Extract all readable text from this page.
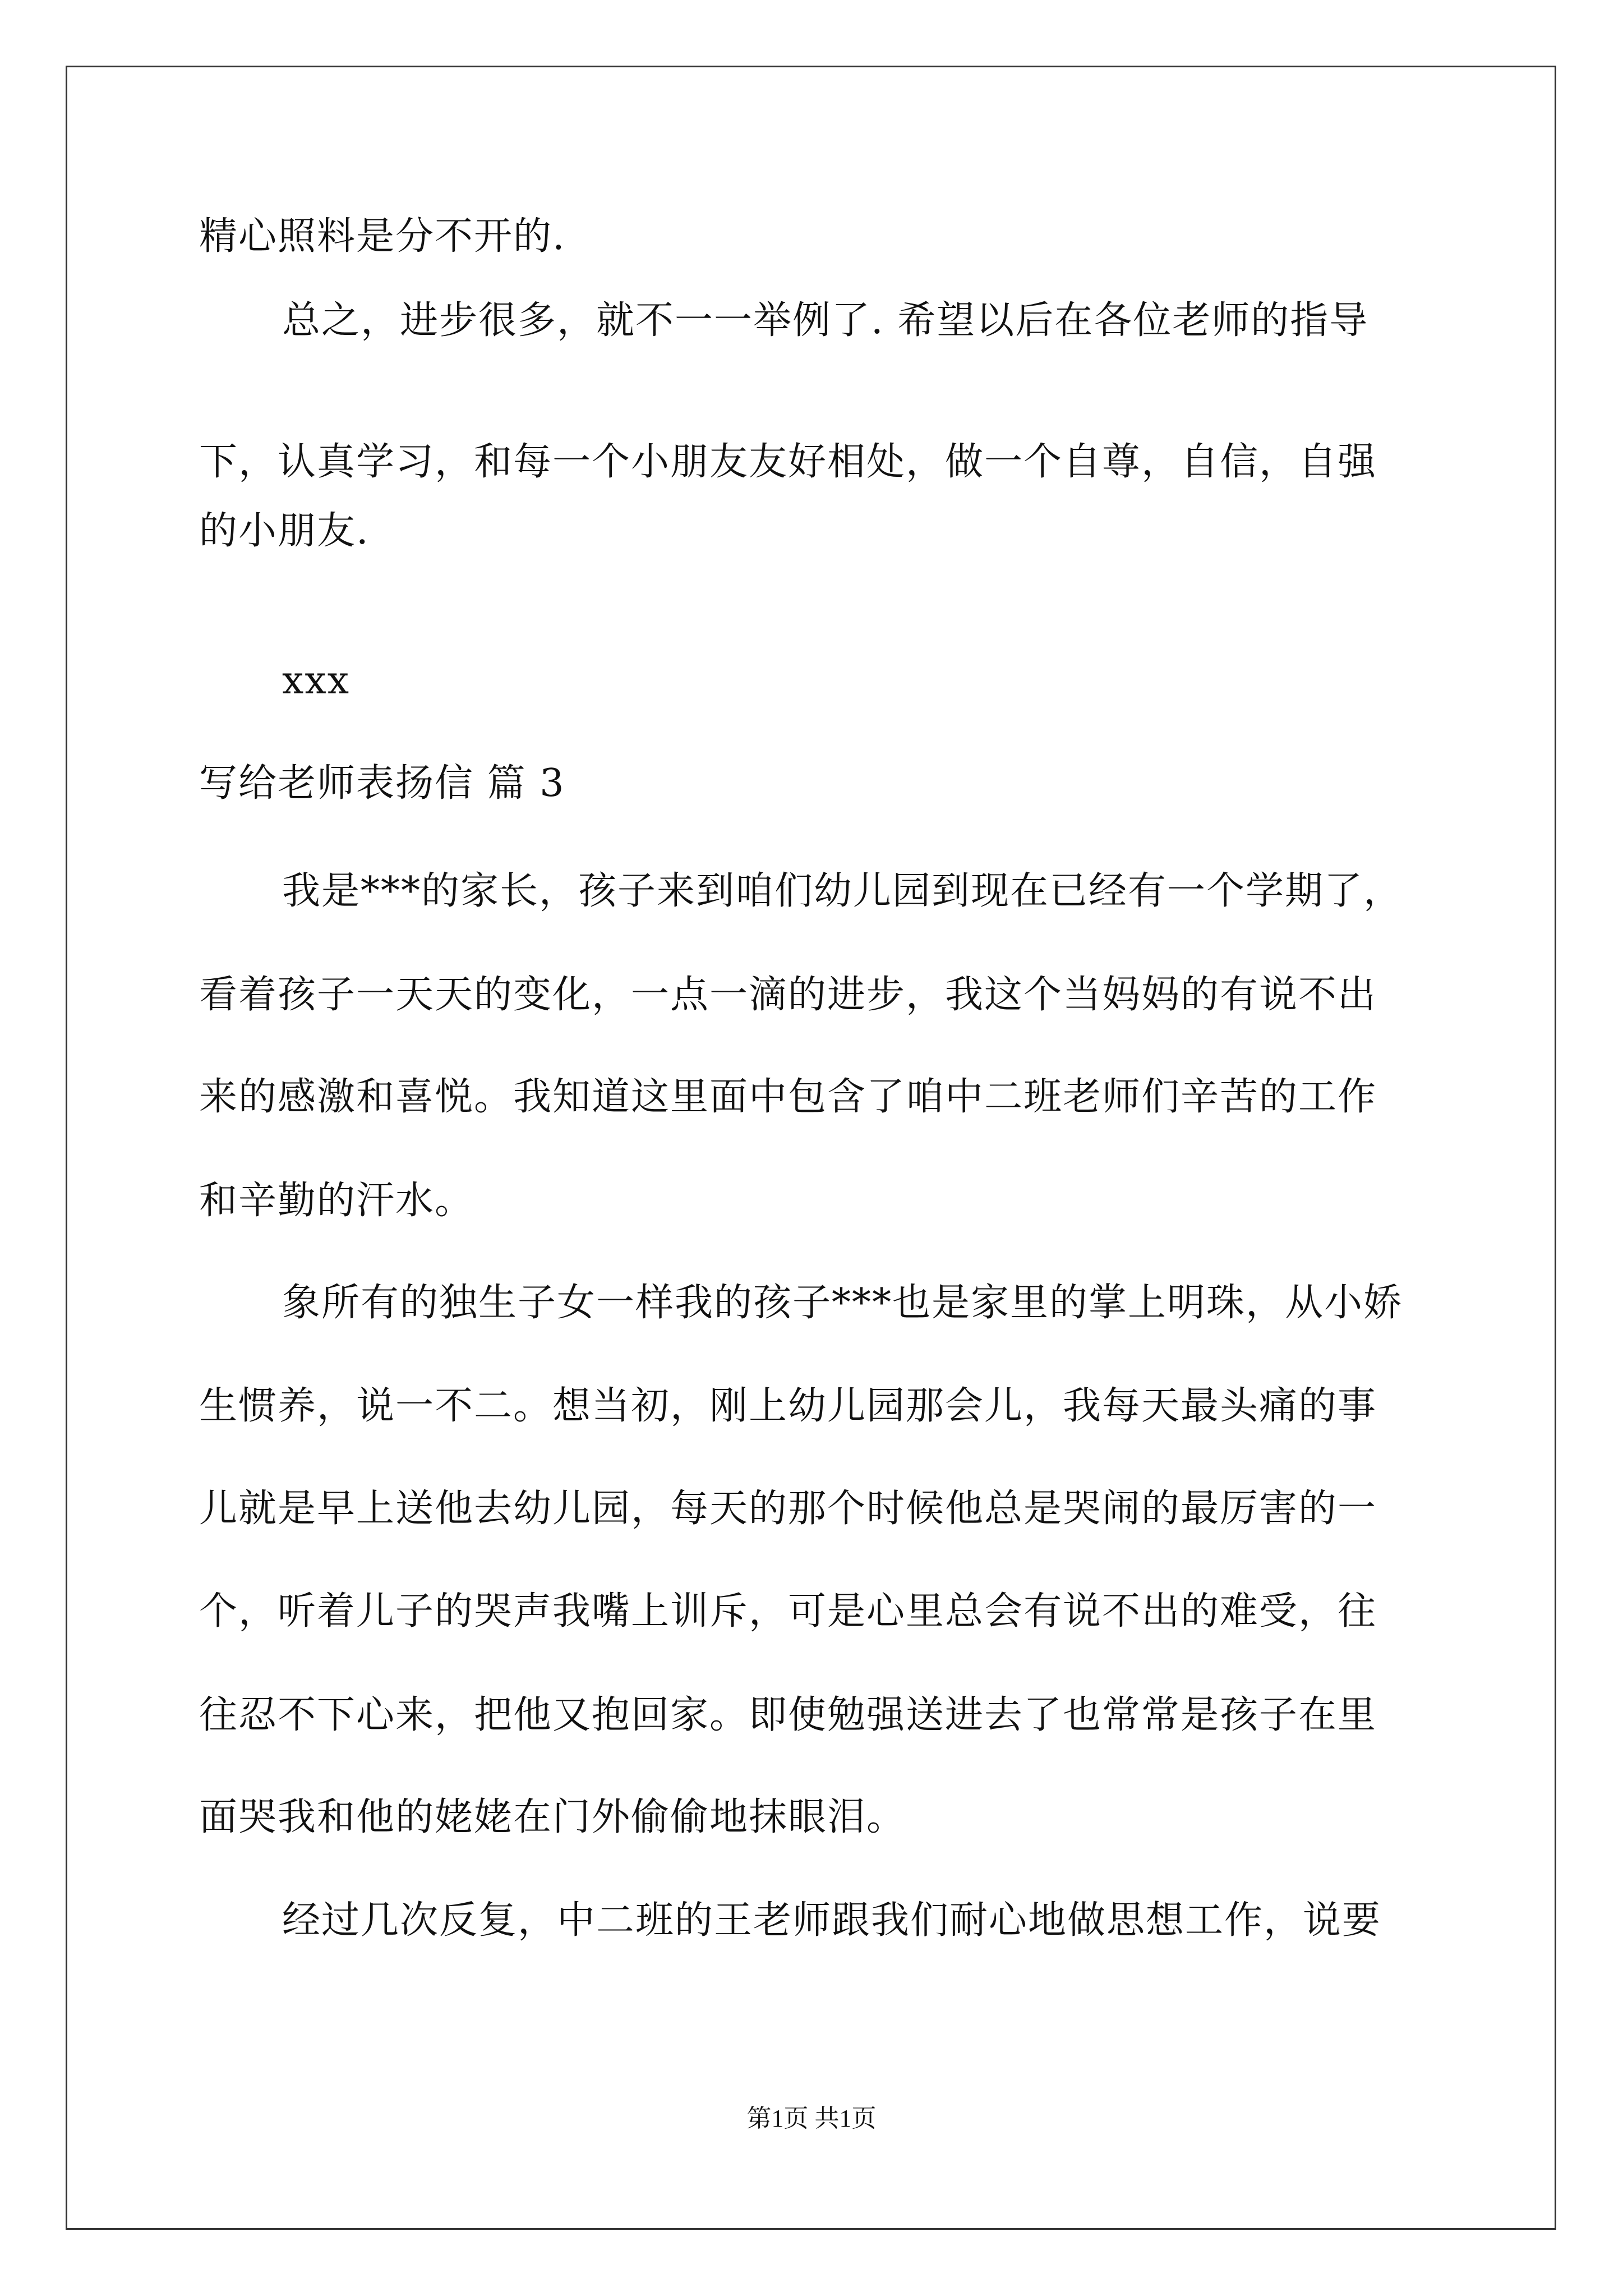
精心照料是分不开的.
总之，进步很多，就不一一举例了. 希望以后在各位老师的指导
下，认真学习，和每一个小朋友友好相处，做一个自尊，自信，自强
的小朋友.
xxx
写给老师表扬信 篇 3
我是***的家长，孩子来到咱们幼儿园到现在已经有一个学期了，
看着孩子一天天的变化，一点一滴的进步，我这个当妈妈的有说不出
来的感激和喜悦。我知道这里面中包含了咱中二班老师们辛苦的工作
和辛勤的汗水。
象所有的独生子女一样我的孩子***也是家里的掌上明珠，从小娇
生惯养，说一不二。想当初，刚上幼儿园那会儿，我每天最头痛的事
儿就是早上送他去幼儿园，每天的那个时候他总是哭闹的最厉害的一
个，听着儿子的哭声我嘴上训斥，可是心里总会有说不出的难受，往
往忍不下心来，把他又抱回家。即使勉强送进去了也常常是孩子在里
面哭我和他的姥姥在门外偷偷地抹眼泪。
经过几次反复，中二班的王老师跟我们耐心地做思想工作，说要
第1页 共1页
